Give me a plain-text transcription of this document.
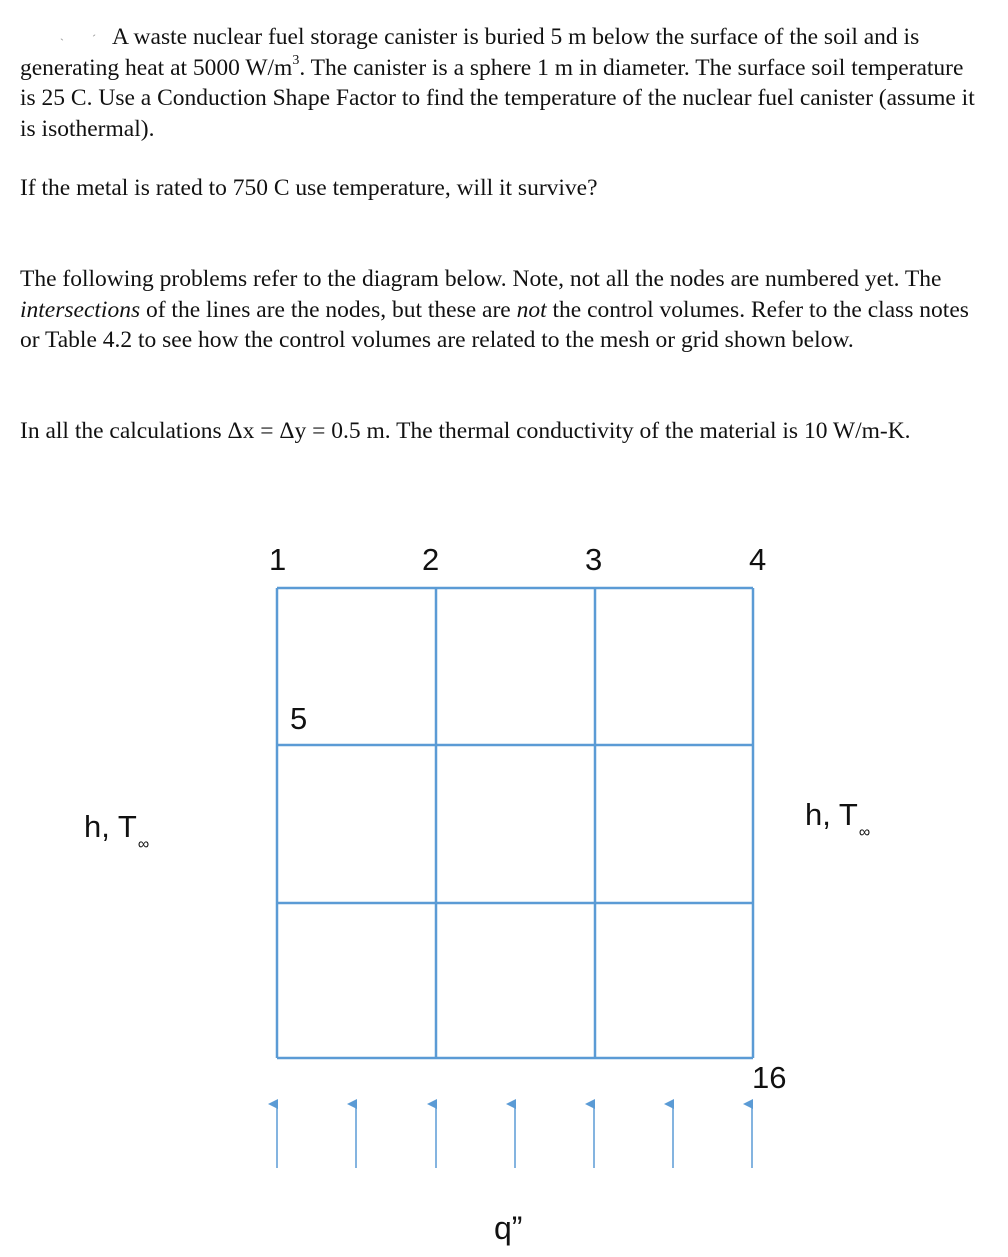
ˋ ˊ A waste nuclear fuel storage canister is buried 5 m below the surface of the soil and is generating heat at 5000 $W/m^3$. The canister is a sphere 1 m in diameter. The surface soil temperature is 25 C. Use a Conduction Shape Factor to find the temperature of the nuclear fuel canister (assume it is isothermal).

If the metal is rated to 750 C use temperature, will it survive?

The following problems refer to the diagram below. Note, not all the nodes are numbered yet. The intersections of the lines are the nodes, but these are not the control volumes. Refer to the class notes or Table 4.2 to see how the control volumes are related to the mesh or grid shown below.

In all the calculations Δx = Δy = 0.5 m. The thermal conductivity of the material is 10 W/m-K.

1	2	3	4
5
16
h, $T_\infty$
h, $T_\infty$
q”
